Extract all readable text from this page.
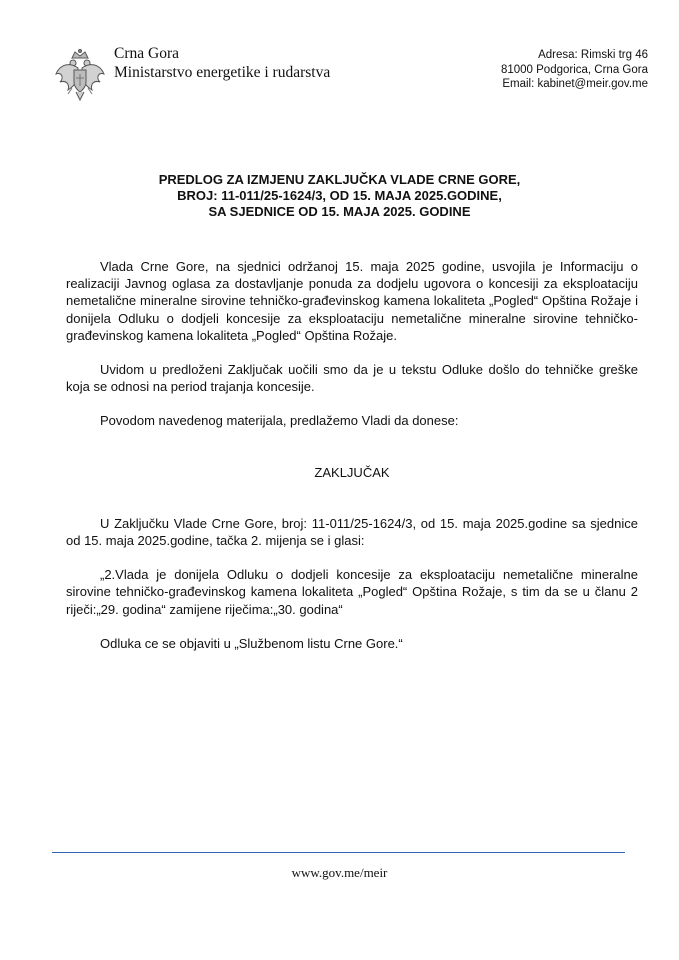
Crna Gora
Ministarstvo energetike i rudarstva
Adresa: Rimski trg 46
81000 Podgorica, Crna Gora
Email: kabinet@meir.gov.me
PREDLOG ZA IZMJENU ZAKLJUČKA VLADE CRNE GORE,
BROJ: 11-011/25-1624/3, OD 15. MAJA 2025.GODINE,
SA SJEDNICE OD 15. MAJA 2025. GODINE

Vlada Crne Gore, na sjednici održanoj 15. maja 2025 godine, usvojila je Informaciju o realizaciji Javnog oglasa za dostavljanje ponuda za dodjelu ugovora o koncesiji za eksploataciju nemetalične mineralne sirovine tehničko-građevinskog kamena lokaliteta „Pogled“ Opština Rožaje i donijela Odluku o dodjeli koncesije za eksploataciju nemetalične mineralne sirovine tehničko-građevinskog kamena lokaliteta „Pogled“ Opština Rožaje.

Uvidom u predloženi Zaključak uočili smo da je u tekstu Odluke došlo do tehničke greške koja se odnosi na period trajanja koncesije.

Povodom navedenog materijala, predlažemo Vladi da donese:

ZAKLJUČAK

U Zaključku Vlade Crne Gore, broj: 11-011/25-1624/3, od 15. maja 2025.godine sa sjednice od 15. maja 2025.godine, tačka 2. mijenja se i glasi:

„2.Vlada je donijela Odluku o dodjeli koncesije za eksploataciju nemetalične mineralne sirovine tehničko-građevinskog kamena lokaliteta „Pogled“ Opština Rožaje, s tim da se u članu 2 riječi:„29. godina“ zamijene riječima:„30. godina“

Odluka ce se objaviti u „Službenom listu Crne Gore.“

www.gov.me/meir
